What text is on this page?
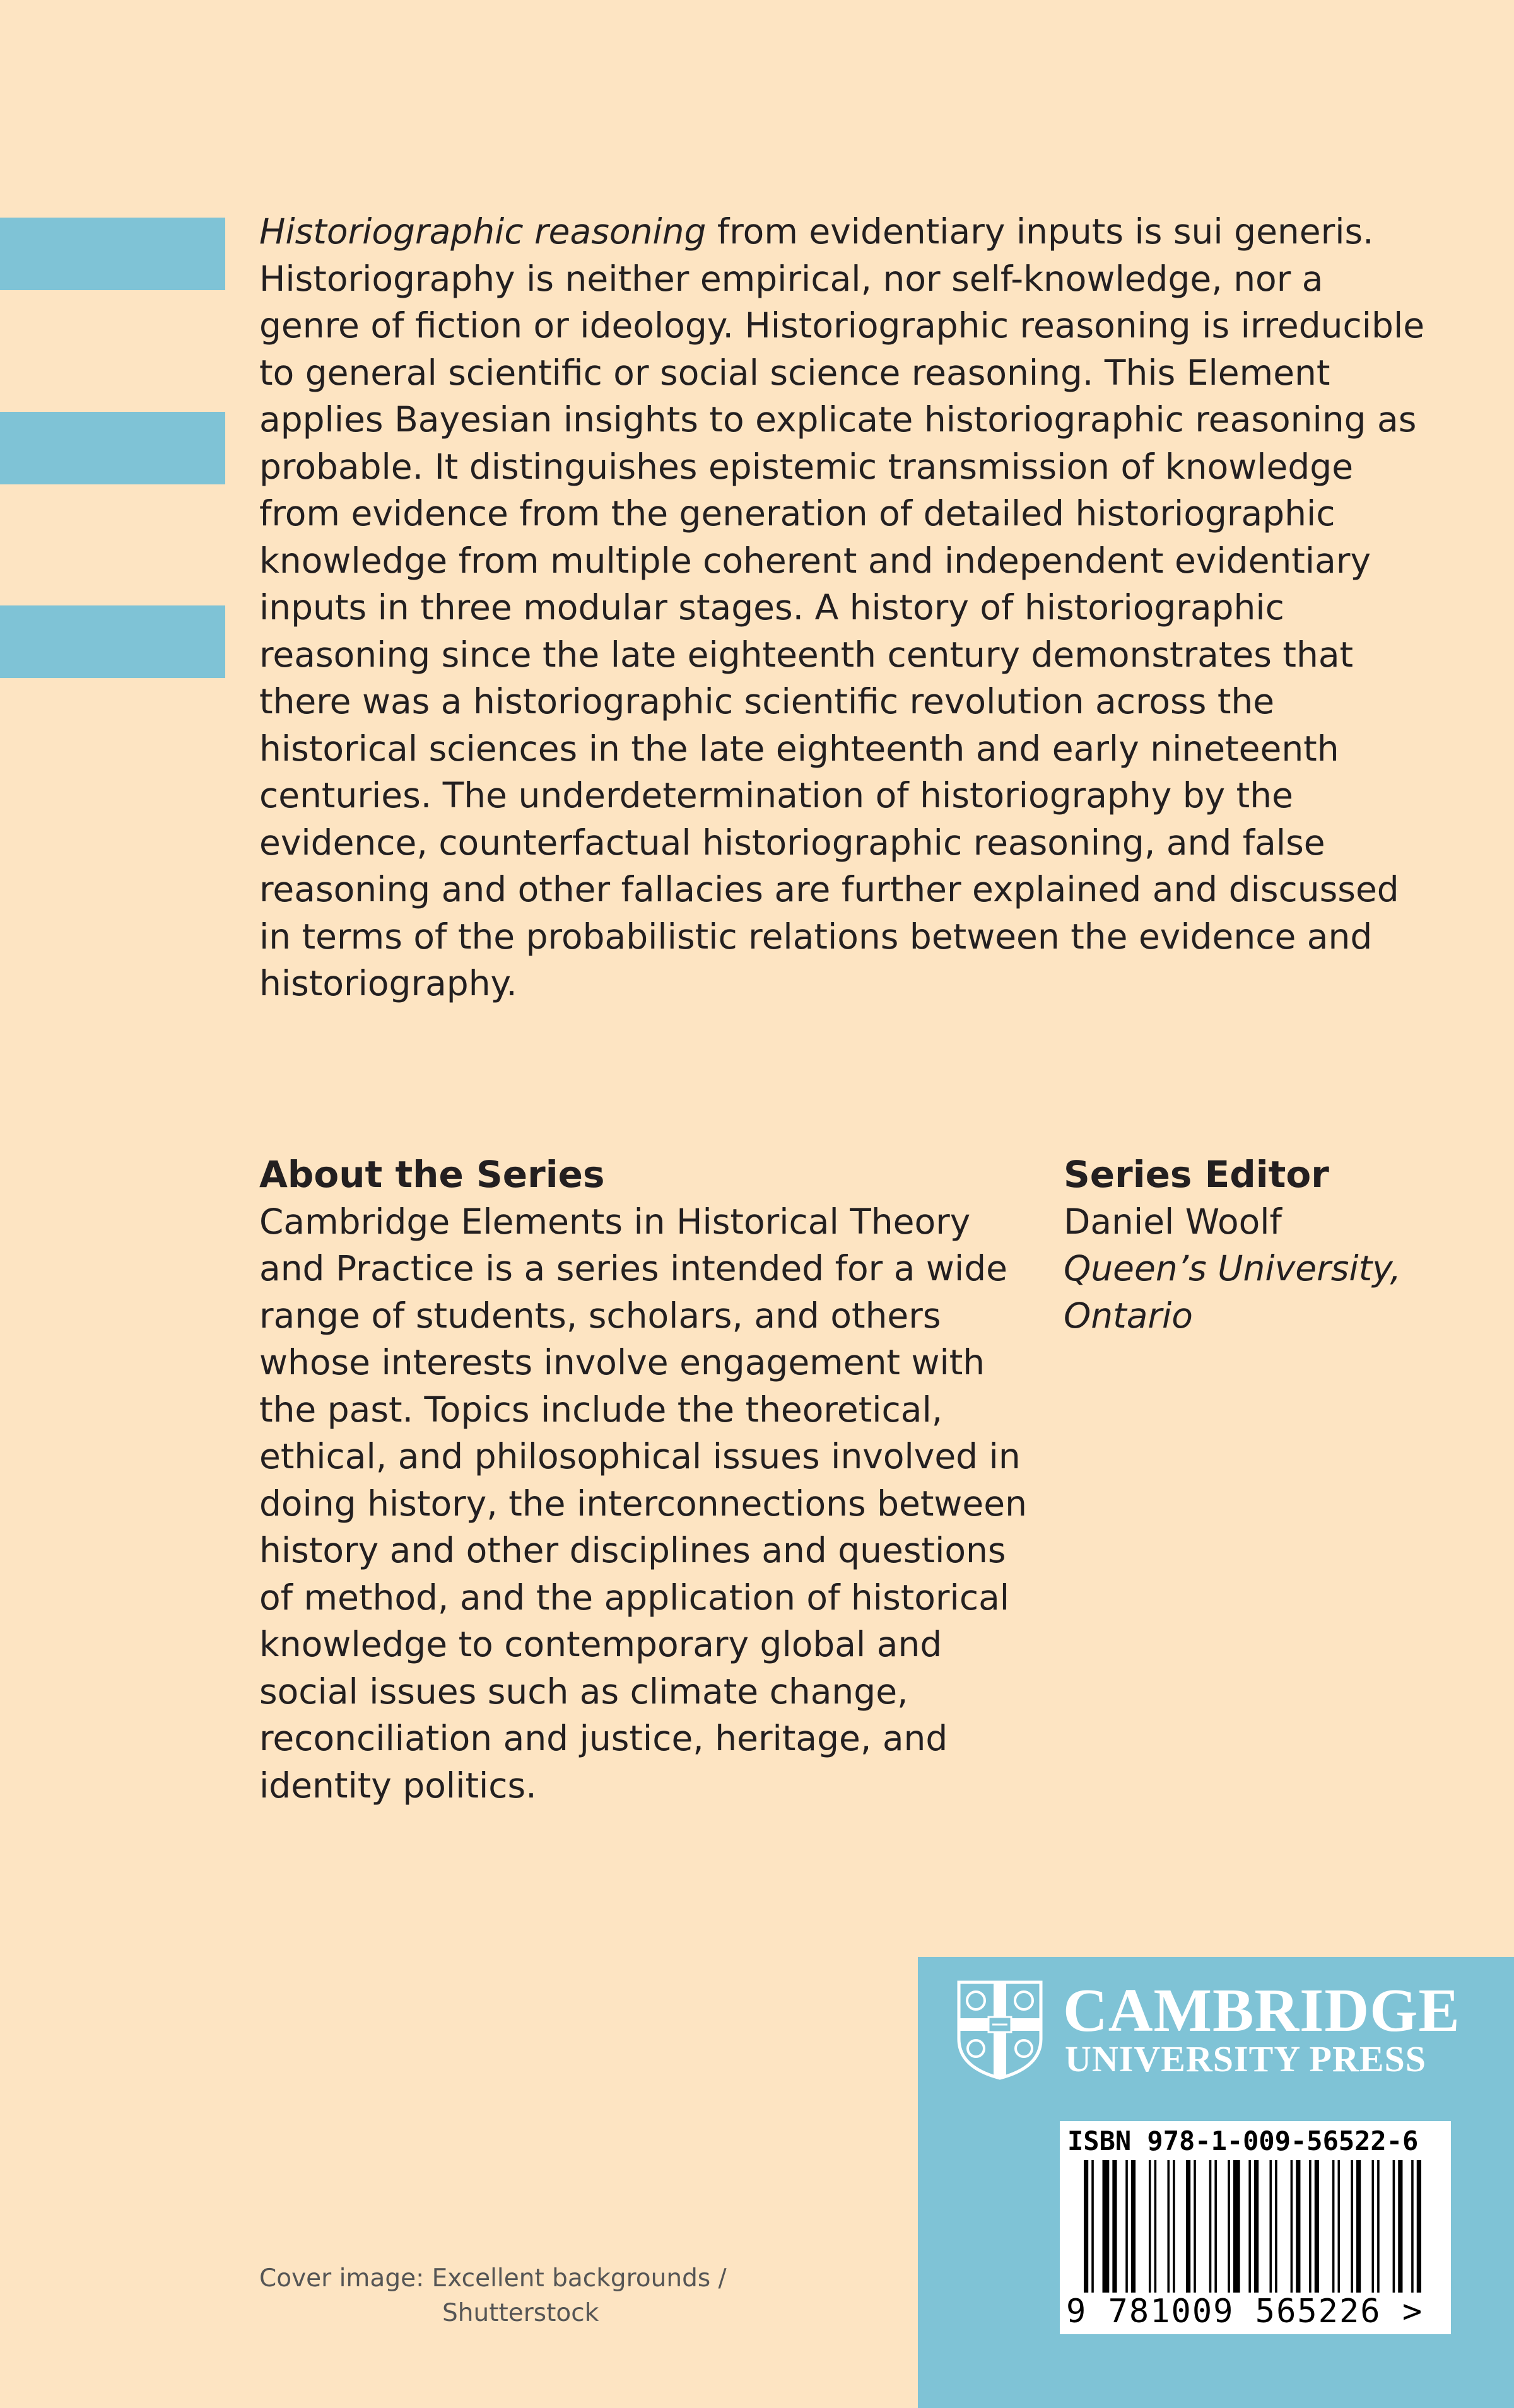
Historiographic reasoning from evidentiary inputs is sui generis. Historiography is neither empirical, nor self-knowledge, nor a genre of fiction or ideology. Historiographic reasoning is irreducible to general scientific or social science reasoning. This Element applies Bayesian insights to explicate historiographic reasoning as probable. It distinguishes epistemic transmission of knowledge from evidence from the generation of detailed historiographic knowledge from multiple coherent and independent evidentiary inputs in three modular stages. A history of historiographic reasoning since the late eighteenth century demonstrates that there was a historiographic scientific revolution across the historical sciences in the late eighteenth and early nineteenth centuries. The underdetermination of historiography by the evidence, counterfactual historiographic reasoning, and false reasoning and other fallacies are further explained and discussed in terms of the probabilistic relations between the evidence and historiography.

About the Series

Cambridge Elements in Historical Theory and Practice is a series intended for a wide range of students, scholars, and others whose interests involve engagement with the past. Topics include the theoretical, ethical, and philosophical issues involved in doing history, the interconnections between history and other disciplines and questions of method, and the application of historical knowledge to contemporary global and social issues such as climate change, reconciliation and justice, heritage, and identity politics.

Series Editor

Daniel Woolf

Queen’s University,

Ontario

Cover image: Excellent backgrounds /
Shutterstock
CAMBRIDGE
UNIVERSITY PRESS
ISBN 978-1-009-56522-6
9 781009 565226 >
